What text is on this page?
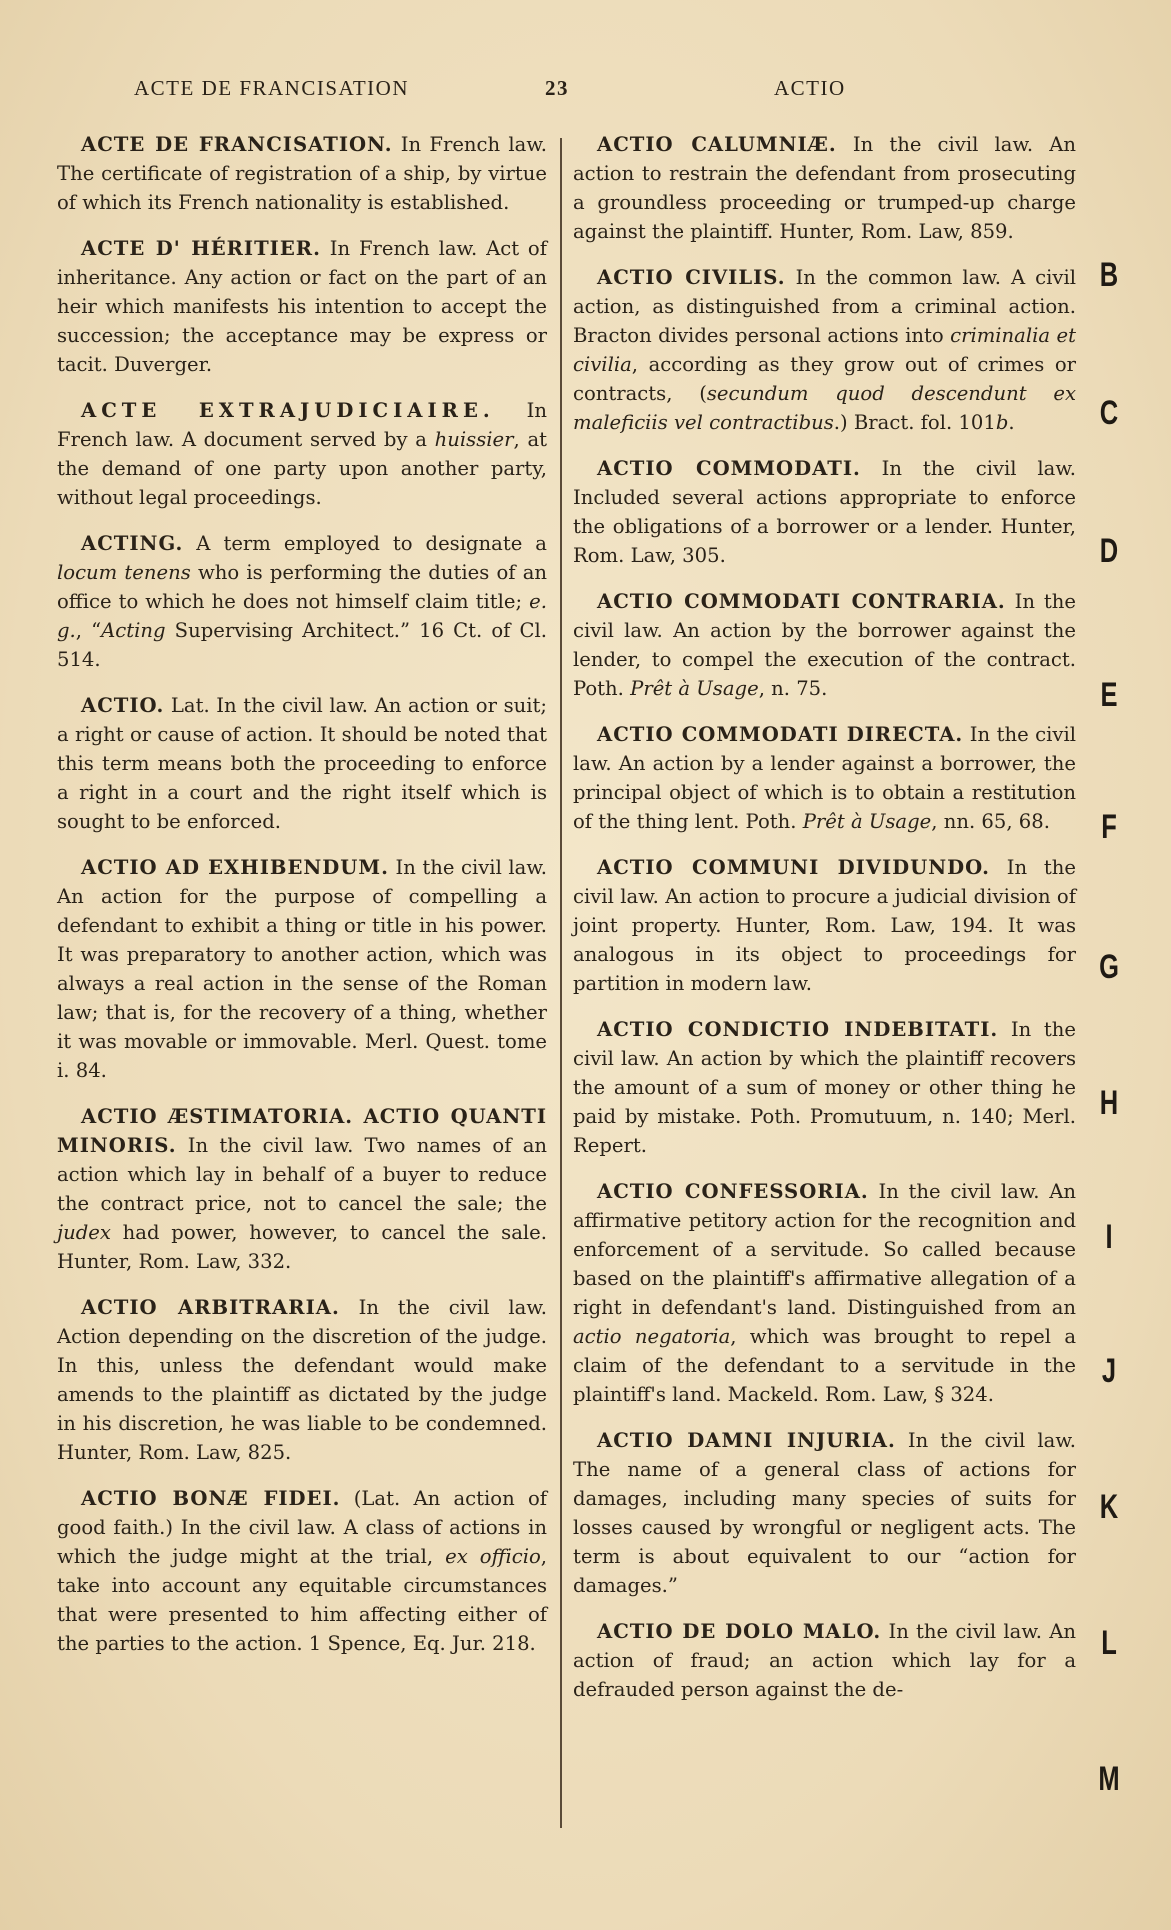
ACTE DE FRANCISATION	23	ACTIO

ACTE DE FRANCISATION. In French law. The certificate of registration of a ship, by virtue of which its French nationality is established.

ACTE D' HÉRITIER. In French law. Act of inheritance. Any action or fact on the part of an heir which manifests his intention to accept the succession; the acceptance may be express or tacit. Duverger.

ACTE EXTRAJUDICIAIRE. In French law. A document served by a huissier, at the demand of one party upon another party, without legal proceedings.

ACTING. A term employed to designate a locum tenens who is performing the duties of an office to which he does not himself claim title; e. g., “Acting Supervising Architect.” 16 Ct. of Cl. 514.

ACTIO. Lat. In the civil law. An action or suit; a right or cause of action. It should be noted that this term means both the proceeding to enforce a right in a court and the right itself which is sought to be enforced.

ACTIO AD EXHIBENDUM. In the civil law. An action for the purpose of compelling a defendant to exhibit a thing or title in his power. It was preparatory to another action, which was always a real action in the sense of the Roman law; that is, for the recovery of a thing, whether it was movable or immovable. Merl. Quest. tome i. 84.

ACTIO ÆSTIMATORIA. ACTIO QUANTI MINORIS. In the civil law. Two names of an action which lay in behalf of a buyer to reduce the contract price, not to cancel the sale; the judex had power, however, to cancel the sale. Hunter, Rom. Law, 332.

ACTIO ARBITRARIA. In the civil law. Action depending on the discretion of the judge. In this, unless the defendant would make amends to the plaintiff as dictated by the judge in his discretion, he was liable to be condemned. Hunter, Rom. Law, 825.

ACTIO BONÆ FIDEI. (Lat. An action of good faith.) In the civil law. A class of actions in which the judge might at the trial, ex officio, take into account any equitable circumstances that were presented to him affecting either of the parties to the action. 1 Spence, Eq. Jur. 218.

ACTIO CALUMNIÆ. In the civil law. An action to restrain the defendant from prosecuting a groundless proceeding or trumped-up charge against the plaintiff. Hunter, Rom. Law, 859.

ACTIO CIVILIS. In the common law. A civil action, as distinguished from a criminal action. Bracton divides personal actions into criminalia et civilia, according as they grow out of crimes or contracts, (secundum quod descendunt ex maleficiis vel contractibus.) Bract. fol. 101b.

ACTIO COMMODATI. In the civil law. Included several actions appropriate to enforce the obligations of a borrower or a lender. Hunter, Rom. Law, 305.

ACTIO COMMODATI CONTRARIA. In the civil law. An action by the borrower against the lender, to compel the execution of the contract. Poth. Prêt à Usage, n. 75.

ACTIO COMMODATI DIRECTA. In the civil law. An action by a lender against a borrower, the principal object of which is to obtain a restitution of the thing lent. Poth. Prêt à Usage, nn. 65, 68.

ACTIO COMMUNI DIVIDUNDO. In the civil law. An action to procure a judicial division of joint property. Hunter, Rom. Law, 194. It was analogous in its object to proceedings for partition in modern law.

ACTIO CONDICTIO INDEBITATI. In the civil law. An action by which the plaintiff recovers the amount of a sum of money or other thing he paid by mistake. Poth. Promutuum, n. 140; Merl. Repert.

ACTIO CONFESSORIA. In the civil law. An affirmative petitory action for the recognition and enforcement of a servitude. So called because based on the plaintiff's affirmative allegation of a right in defendant's land. Distinguished from an actio negatoria, which was brought to repel a claim of the defendant to a servitude in the plaintiff's land. Mackeld. Rom. Law, § 324.

ACTIO DAMNI INJURIA. In the civil law. The name of a general class of actions for damages, including many species of suits for losses caused by wrongful or negligent acts. The term is about equivalent to our “action for damages.”

ACTIO DE DOLO MALO. In the civil law. An action of fraud; an action which lay for a defrauded person against the de-

B
C
D
E
F
G
H
I
J
K
L
M
